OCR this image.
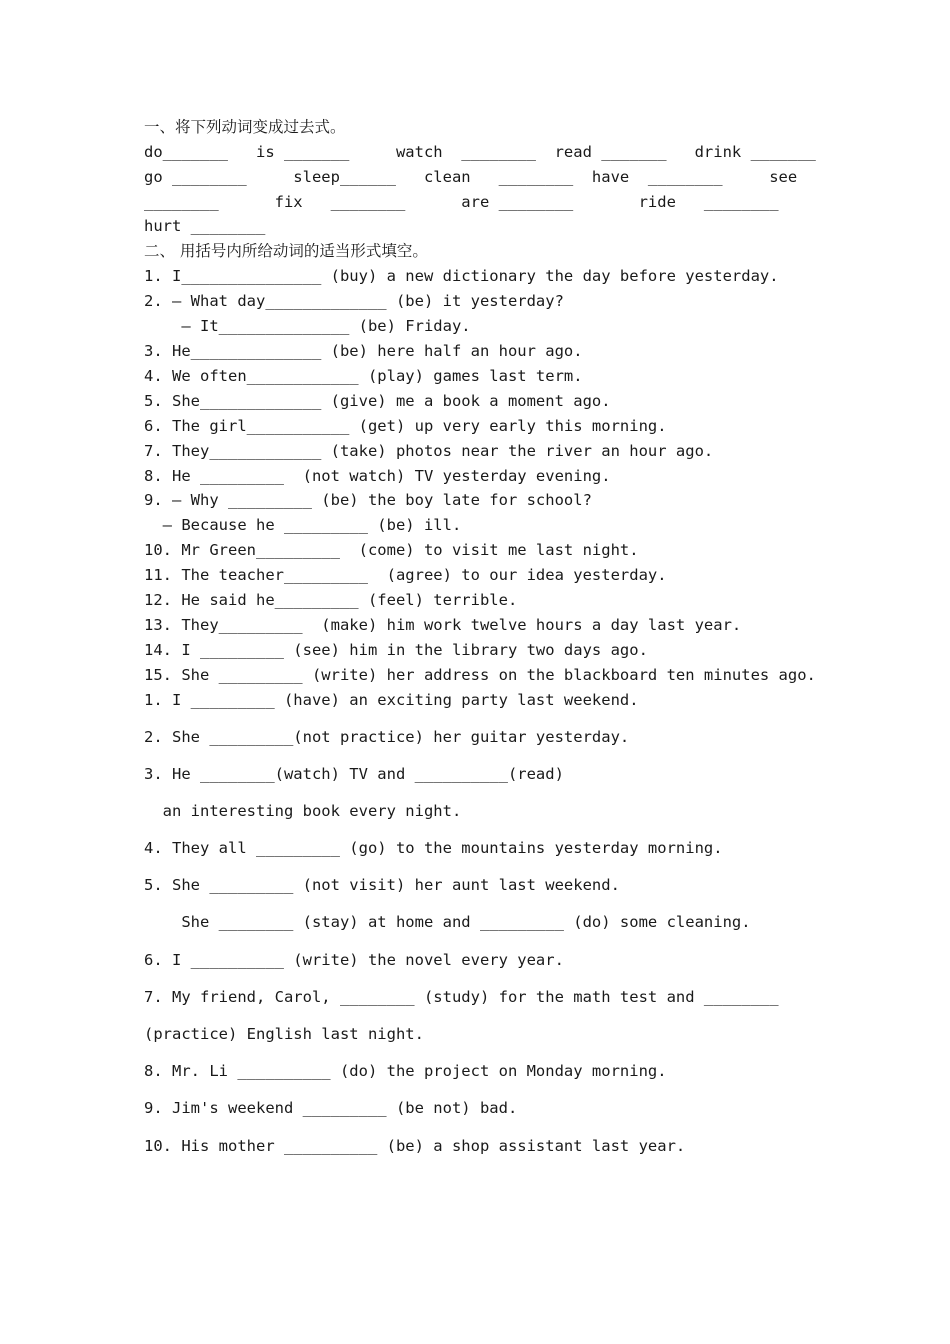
一、将下列动词变成过去式。
do_______   is _______     watch  ________  read _______   drink _______
go ________     sleep______   clean   ________  have  ________     see
________      fix   ________      are ________       ride   ________
hurt ________
二、 用括号内所给动词的适当形式填空。
1. I_______________ (buy) a new dictionary the day before yesterday.
2. — What day_____________ (be) it yesterday?
— It______________ (be) Friday.
3. He______________ (be) here half an hour ago.
4. We often____________ (play) games last term.
5. She_____________ (give) me a book a moment ago.
6. The girl___________ (get) up very early this morning.
7. They____________ (take) photos near the river an hour ago.
8. He _________  (not watch) TV yesterday evening.
9. — Why _________ (be) the boy late for school?
— Because he _________ (be) ill.
10. Mr Green_________  (come) to visit me last night.
11. The teacher_________  (agree) to our idea yesterday.
12. He said he_________ (feel) terrible.
13. They_________  (make) him work twelve hours a day last year.
14. I _________ (see) him in the library two days ago.
15. She _________ (write) her address on the blackboard ten minutes ago.
1. I _________ (have) an exciting party last weekend.
2. She _________(not practice) her guitar yesterday.
3. He ________(watch) TV and __________(read)
an interesting book every night.
4. They all _________ (go) to the mountains yesterday morning.
5. She _________ (not visit) her aunt last weekend.
She ________ (stay) at home and _________ (do) some cleaning.
6. I __________ (write) the novel every year.
7. My friend, Carol, ________ (study) for the math test and ________
(practice) English last night.
8. Mr. Li __________ (do) the project on Monday morning.
9. Jim's weekend _________ (be not) bad.
10. His mother __________ (be) a shop assistant last year.
